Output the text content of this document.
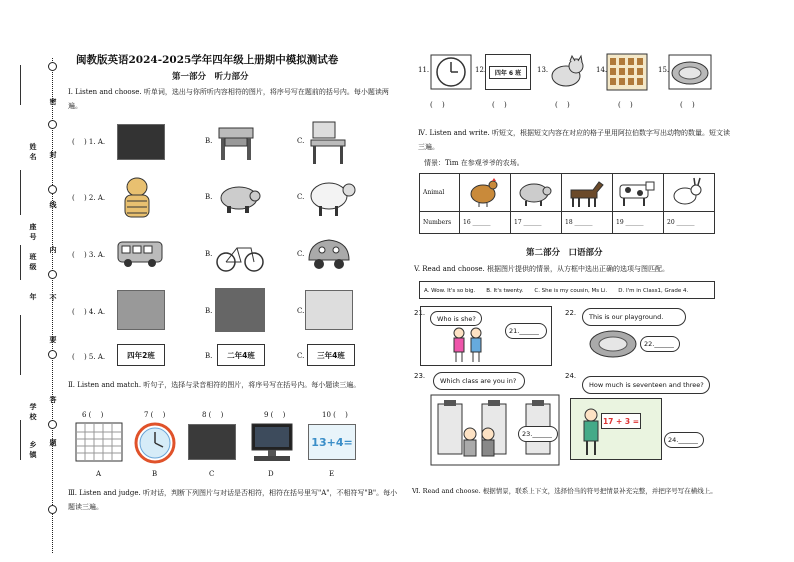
姓名
座号
班级
年
学校
乡镇
密
封
线
内
不
要
答
题
闽教版英语2024-2025学年四年级上册期中模拟测试卷
第一部分　听力部分
Ⅰ. Listen and choose. 听单词，选出与你所听内容相符的图片，将序号写在题前的括号内。每小题读两遍。
(　 ) 1. A.	B.	C.
(　 ) 2. A.	B.	C.
(　 ) 3. A.	B.	C.
(　 ) 4. A.	B.	C.
(　 ) 5. A.	四年2班	B.	二年4班	C.	三年4班
Ⅱ. Listen and match. 听句子，选择与录音相符的图片，将序号写在括号内。每小题读三遍。
6 (　 )	7 (　 )	8 (　 )	9 (　 )	10 (　 )
13+4=
A	B	C	D	E
Ⅲ. Listen and judge. 听对话，判断下列图片与对话是否相符，相符在括号里写"A"，不相符写"B"。每小题读三遍。
11.	12.	四年 6 班	13.	14.	15.
(　 )	(　 )	(　 )	(　 )	(　 )
Ⅳ. Listen and write. 听短文，根据短文内容在对应的格子里用阿拉伯数字写出动物的数量。短文读三遍。
情景：Tim 在参观爷爷的农场。
Animal					
Numbers	16 ______	17 ______	18 ______	19 ______	20 ______
第二部分　口语部分
V. Read and choose. 根据图片提供的情景，从方框中选出正确的选项与图匹配。
A. Wow. It's so big.　　B. It's twenty.　　C. She is my cousin, Ms Li.　　D. I'm in Class1, Grade 4.
21.
Who is she?
21.______
22.	This is our playground.
22.______
23.
Which class are you in?
23.______
24.
How much is seventeen and three?
17 + 3 =
24.______
Ⅵ. Read and choose. 根据情景，联系上下文，选择恰当的符号把情景补充完整，并把序号写在横线上。
